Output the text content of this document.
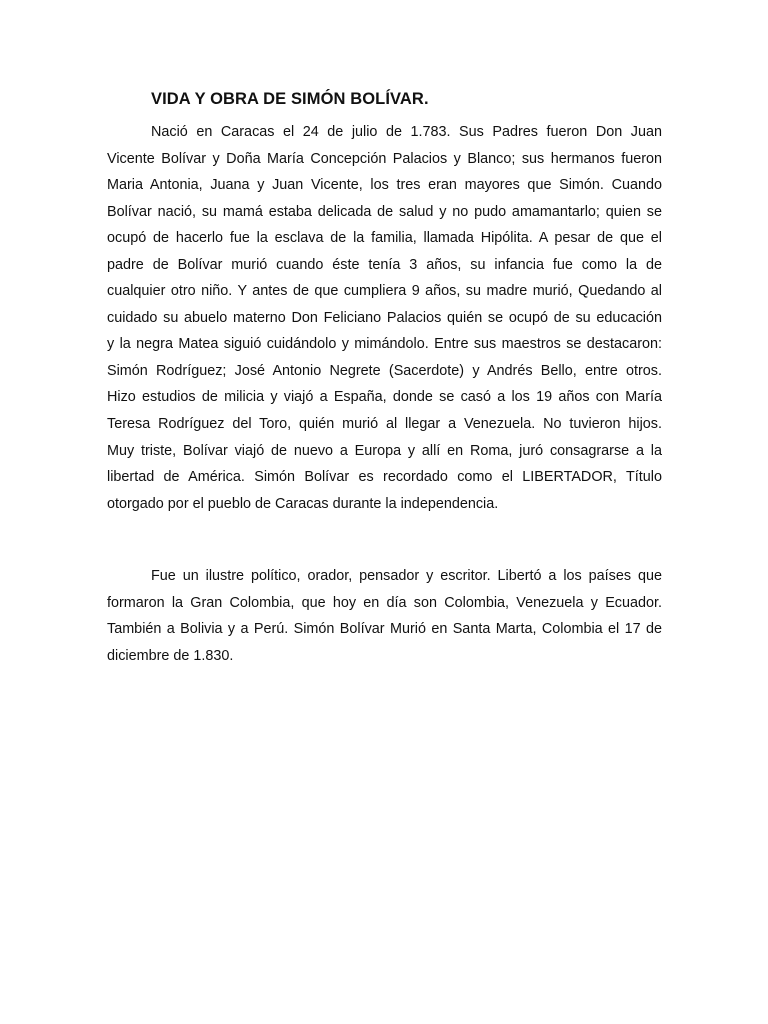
VIDA Y OBRA DE SIMÓN BOLÍVAR.
Nació en Caracas el 24 de julio de 1.783. Sus Padres fueron Don Juan
Vicente Bolívar y Doña María Concepción Palacios y Blanco; sus hermanos fueron
Maria Antonia, Juana y Juan Vicente, los tres eran mayores que Simón. Cuando
Bolívar nació, su mamá estaba delicada de salud y no pudo amamantarlo; quien se
ocupó de hacerlo fue la esclava de la familia, llamada Hipólita. A pesar de que el
padre de Bolívar murió cuando éste tenía 3 años, su infancia fue como la de
cualquier otro niño. Y antes de que cumpliera 9 años, su madre murió, Quedando al
cuidado su abuelo materno Don Feliciano Palacios quién se ocupó de su educación
y la negra Matea siguió cuidándolo y mimándolo. Entre sus maestros se destacaron:
Simón Rodríguez; José Antonio Negrete (Sacerdote) y Andrés Bello, entre otros.
Hizo estudios de milicia y viajó a España, donde se casó a los 19 años con María
Teresa Rodríguez del Toro, quién murió al llegar a Venezuela. No tuvieron hijos.
Muy triste, Bolívar viajó de nuevo a Europa y allí en Roma, juró consagrarse a la
libertad de América. Simón Bolívar es recordado como el LIBERTADOR, Título
otorgado por el pueblo de Caracas durante la independencia.
Fue un ilustre político, orador, pensador y escritor. Libertó a los países que
formaron la Gran Colombia, que hoy en día son Colombia, Venezuela y Ecuador.
También a Bolivia y a Perú. Simón Bolívar Murió en Santa Marta, Colombia el 17 de
diciembre de 1.830.
